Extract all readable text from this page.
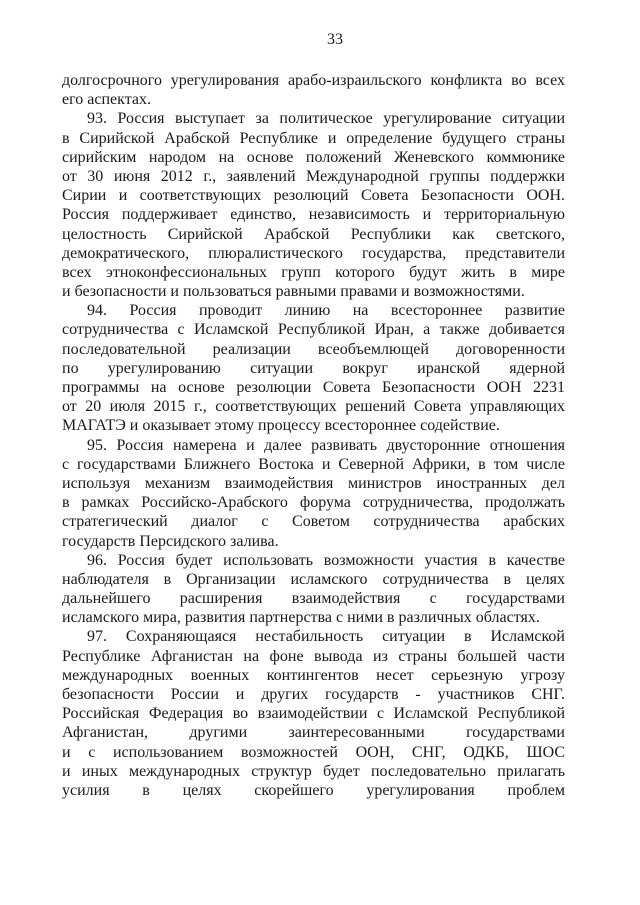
33
долгосрочного урегулирования арабо-израильского конфликта во всех
его аспектах.
93. Россия выступает за политическое урегулирование ситуации
в Сирийской Арабской Республике и определение будущего страны
сирийским народом на основе положений Женевского коммюнике
от 30 июня 2012 г., заявлений Международной группы поддержки
Сирии и соответствующих резолюций Совета Безопасности ООН.
Россия поддерживает единство, независимость и территориальную
целостность Сирийской Арабской Республики как светского,
демократического, плюралистического государства, представители
всех этноконфессиональных групп которого будут жить в мире
и безопасности и пользоваться равными правами и возможностями.
94. Россия проводит линию на всестороннее развитие
сотрудничества с Исламской Республикой Иран, а также добивается
последовательной реализации всеобъемлющей договоренности
по урегулированию ситуации вокруг иранской ядерной
программы на основе резолюции Совета Безопасности ООН 2231
от 20 июля 2015 г., соответствующих решений Совета управляющих
МАГАТЭ и оказывает этому процессу всестороннее содействие.
95. Россия намерена и далее развивать двусторонние отношения
с государствами Ближнего Востока и Северной Африки, в том числе
используя механизм взаимодействия министров иностранных дел
в рамках Российско-Арабского форума сотрудничества, продолжать
стратегический диалог с Советом сотрудничества арабских
государств Персидского залива.
96. Россия будет использовать возможности участия в качестве
наблюдателя в Организации исламского сотрудничества в целях
дальнейшего расширения взаимодействия с государствами
исламского мира, развития партнерства с ними в различных областях.
97. Сохраняющаяся нестабильность ситуации в Исламской
Республике Афганистан на фоне вывода из страны большей части
международных военных контингентов несет серьезную угрозу
безопасности России и других государств - участников СНГ.
Российская Федерация во взаимодействии с Исламской Республикой
Афганистан, другими заинтересованными государствами
и с использованием возможностей ООН, СНГ, ОДКБ, ШОС
и иных международных структур будет последовательно прилагать
усилия в целях скорейшего урегулирования проблем
